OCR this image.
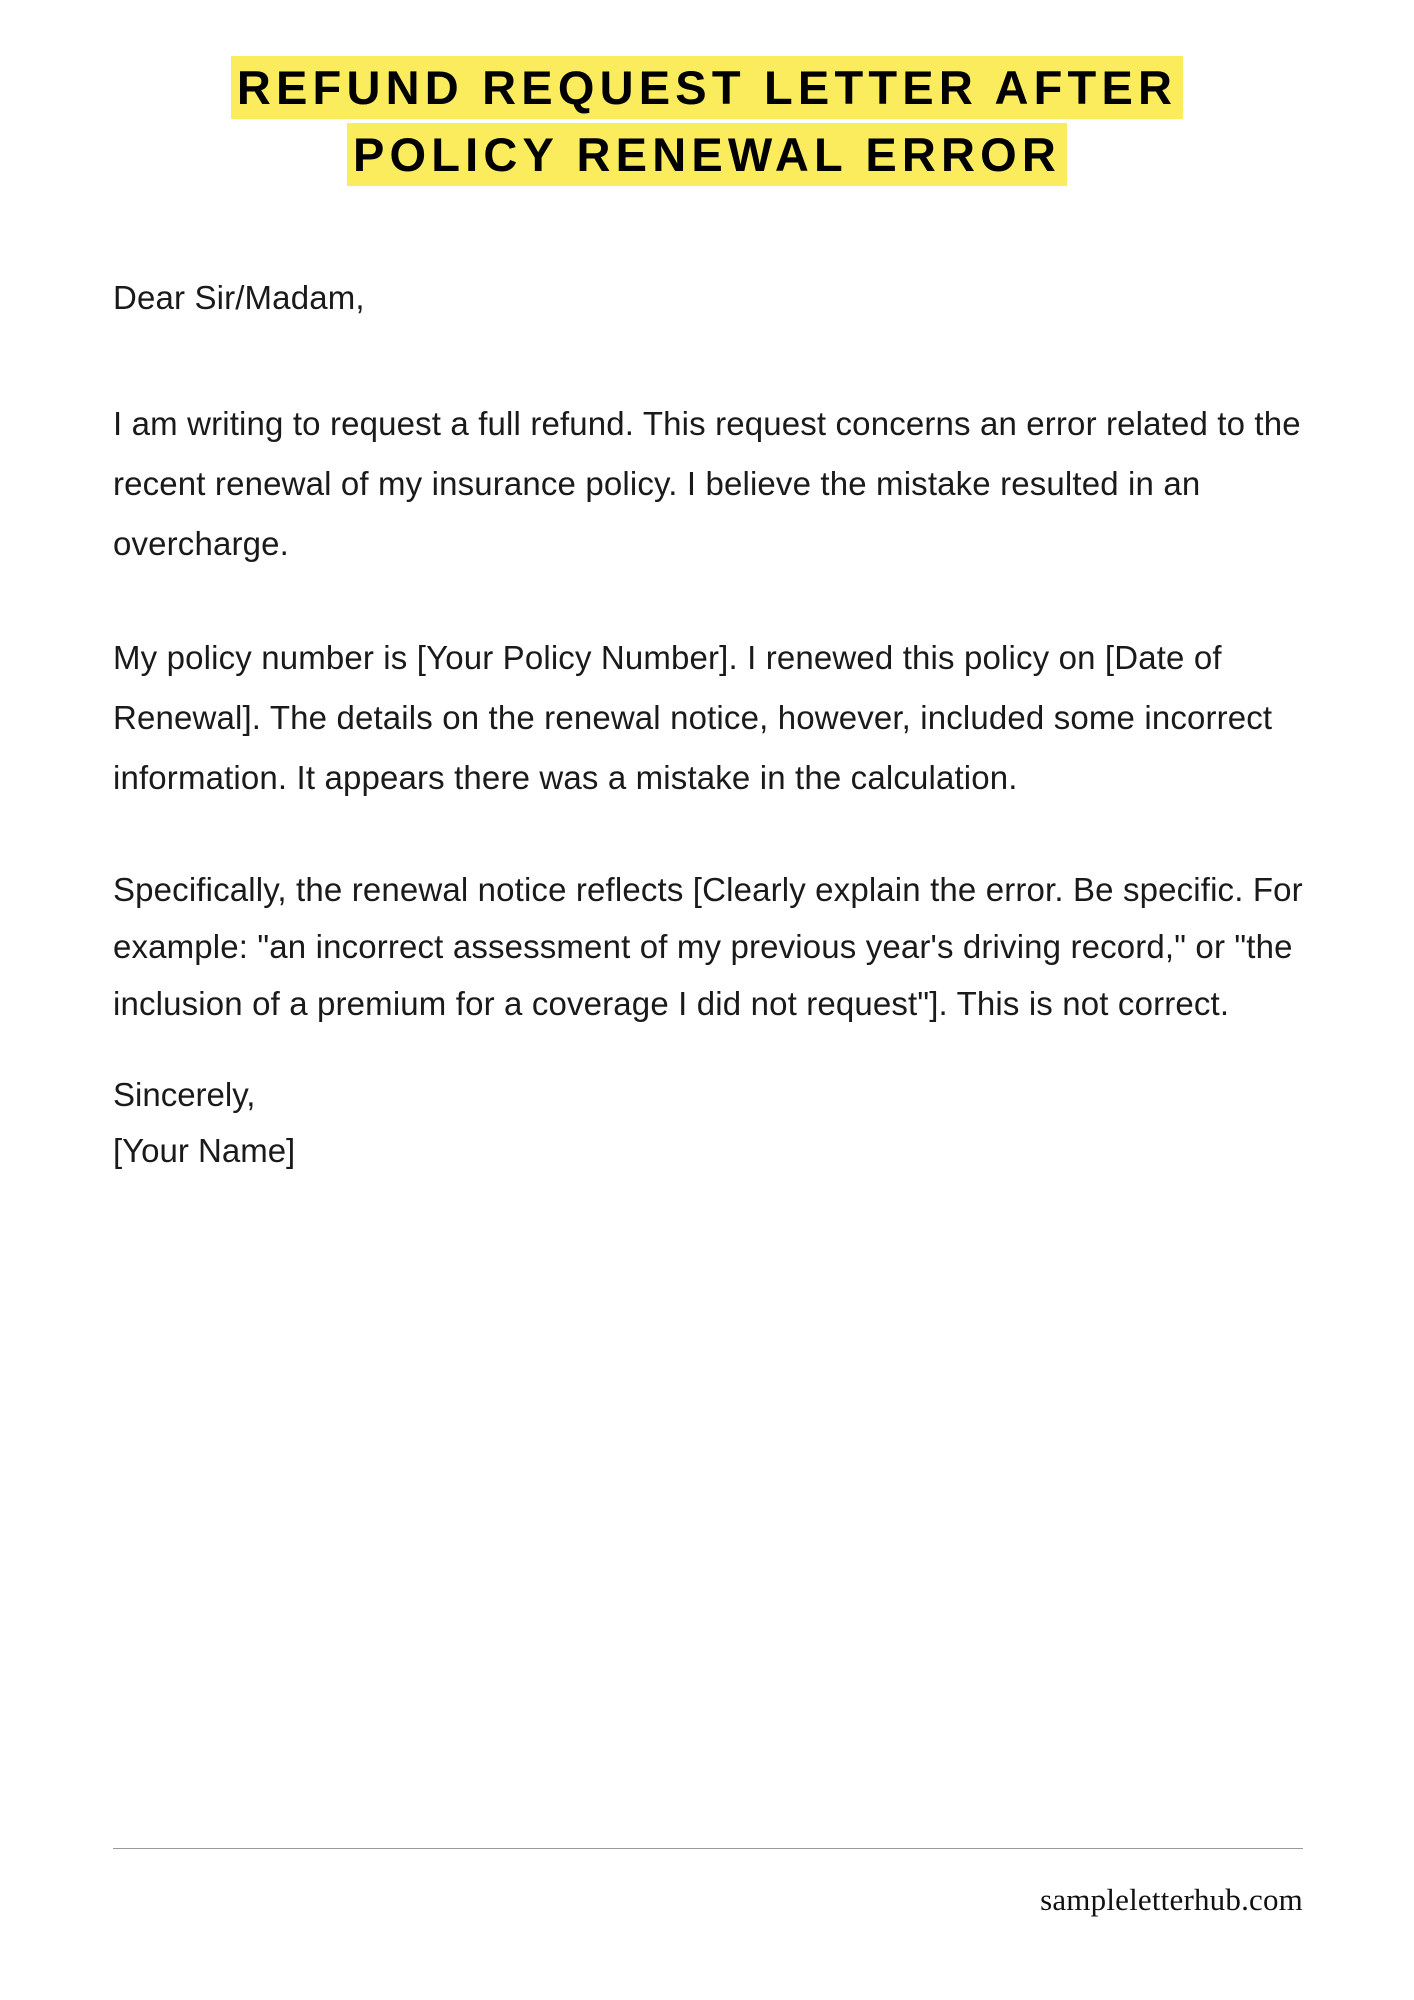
REFUND REQUEST LETTER AFTER
POLICY RENEWAL ERROR

Dear Sir/Madam,

I am writing to request a full refund. This request concerns an error related to the recent renewal of my insurance policy. I believe the mistake resulted in an overcharge.

My policy number is [Your Policy Number]. I renewed this policy on [Date of Renewal]. The details on the renewal notice, however, included some incorrect information. It appears there was a mistake in the calculation.

Specifically, the renewal notice reflects [Clearly explain the error. Be specific. For example: "an incorrect assessment of my previous year's driving record," or "the inclusion of a premium for a coverage I did not request"]. This is not correct.

Sincerely,

[Your Name]

sampleletterhub.com
